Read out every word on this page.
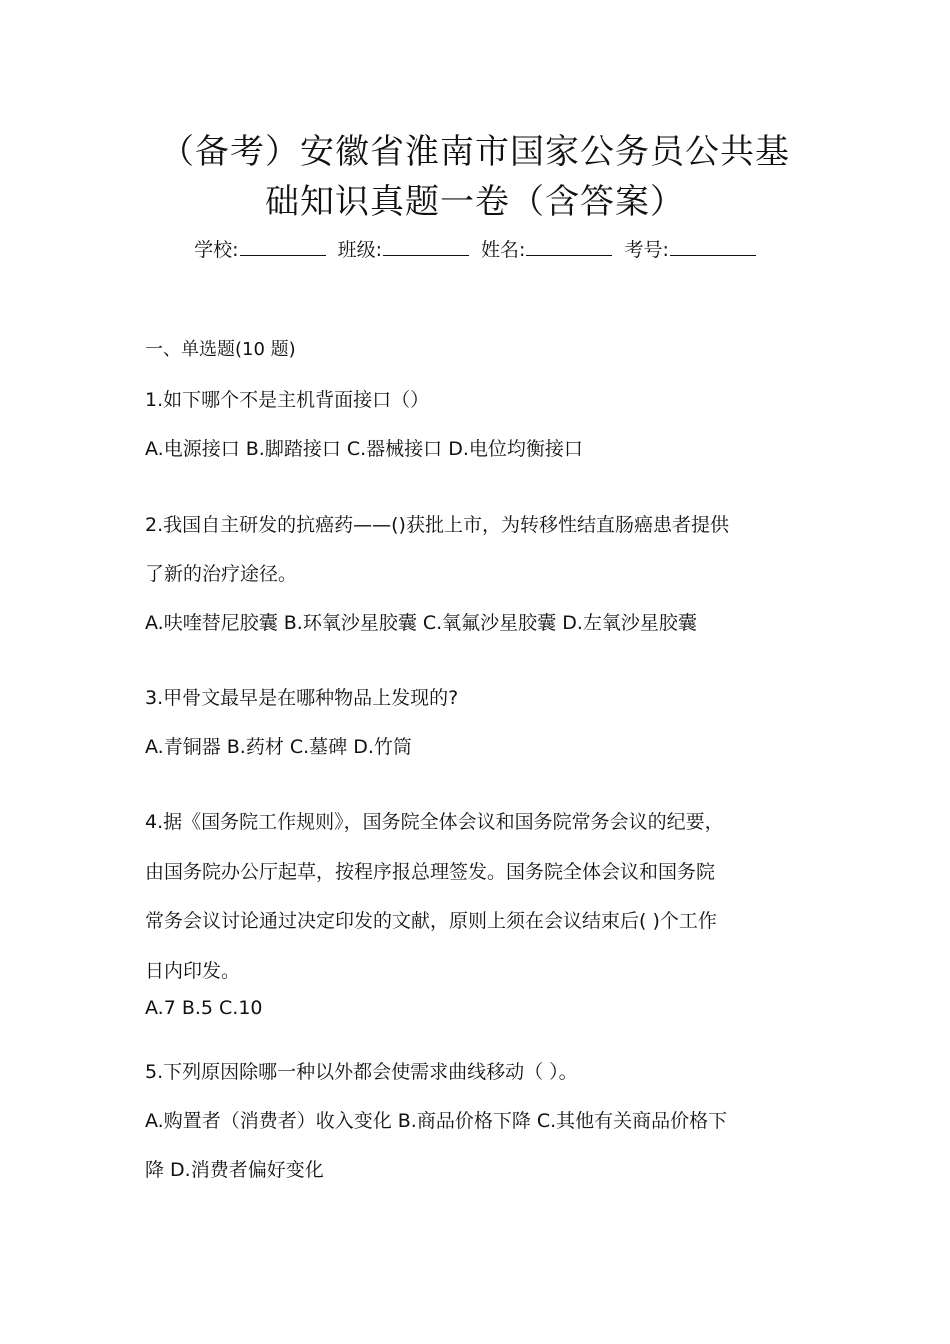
（备考）安徽省淮南市国家公务员公共基
础知识真题一卷（含答案）
学校:	班级:	姓名:	考号:
一、单选题(10 题)
1.如下哪个不是主机背面接口（）
A.电源接口 B.脚踏接口 C.器械接口 D.电位均衡接口
2.我国自主研发的抗癌药——()获批上市，为转移性结直肠癌患者提供
了新的治疗途径。
A.呋喹替尼胶囊 B.环氧沙星胶囊 C.氧氟沙星胶囊 D.左氧沙星胶囊
3.甲骨文最早是在哪种物品上发现的?
A.青铜器 B.药材 C.墓碑 D.竹筒
4.据《国务院工作规则》，国务院全体会议和国务院常务会议的纪要，
由国务院办公厅起草，按程序报总理签发。国务院全体会议和国务院
常务会议讨论通过决定印发的文献，原则上须在会议结束后( )个工作
日内印发。
A.7 B.5 C.10
5.下列原因除哪一种以外都会使需求曲线移动（ ）。
A.购置者（消费者）收入变化 B.商品价格下降 C.其他有关商品价格下
降 D.消费者偏好变化
